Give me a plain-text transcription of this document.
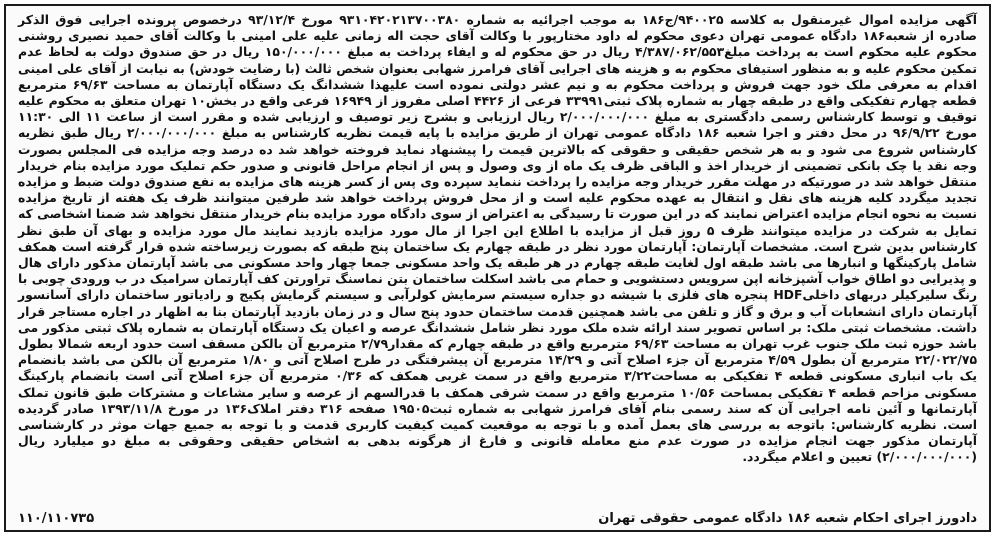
آگهی مزایده اموال غیرمنقول به کلاسه ۹۴۰۰۲۵/ج۱۸۶ به موجب اجرائیه به شماره ۹۳۱۰۴۲۰۲۱۳۷۰۰۳۸۰ مورخ ۹۳/۱۲/۴ درخصوص پرونده اجرایی فوق الذکر صادره از شعبه۱۸۶ دادگاه عمومی تهران دعوی محکوم له داود مختارپور با وکالت آقای حجت اله زمانی علیه علی امینی با وکالت آقای حمید نصیری روشنی محکوم علیه محکوم است به پرداخت مبلغ۴/۳۸۷/۰۶۲/۵۵۳ ریال در حق محکوم له و ایفاء پرداخت به مبلغ ۱۵۰/۰۰۰/۰۰۰ ریال در حق صندوق دولت به لحاظ عدم تمکین محکوم علیه و به منظور استیفای محکوم به و هزینه های اجرایی آقای فرامرز شهابی بعنوان شخص ثالث (با رضایت خودش) به نیابت از آقای علی امینی اقدام به معرفی ملک خود جهت فروش و پرداخت محکوم به و نیم عشر دولتی نموده است علیهذا ششدانگ یک دستگاه آپارتمان به مساحت ۶۹/۶۳ مترمربع قطعه چهارم تفکیکی واقع در طبقه چهار به شماره پلاک ثبتی۳۳۹۹۱ فرعی از ۴۴۲۶ اصلی مفروز از ۱۶۹۴۹ فرعی واقع در بخش۱۰ تهران متعلق به محکوم علیه توقیف و توسط کارشناس رسمی دادگستری به مبلغ ۲/۰۰۰/۰۰۰/۰۰۰ ریال ارزیابی و بشرح زیر توصیف و ارزیابی شده و مقرر است از ساعت ۱۱ الی ۱۱:۳۰ مورخ ۹۶/۹/۲۲ در محل دفتر و اجرا شعبه ۱۸۶ دادگاه عمومی تهران از طریق مزایده با پایه قیمت نظریه کارشناس به مبلغ ۲/۰۰۰/۰۰۰/۰۰۰ ریال طبق نظریه کارشناس شروع می شود و به هر شخص حقیقی و حقوقی که بالاترین قیمت را پیشنهاد نماید فروخته خواهد شد ده درصد وجه مزایده فی المجلس بصورت وجه نقد یا چک بانکی تضمینی از خریدار اخذ و الباقی ظرف یک ماه از وی وصول و پس از انجام مراحل قانونی و صدور حکم تملیک مورد مزایده بنام خریدار منتقل خواهد شد در صورتیکه در مهلت مقرر خریدار وجه مزایده را پرداخت ننماید سپرده وی پس از کسر هزینه های مزایده به نفع صندوق دولت ضبط و مزایده تجدید میگردد کلیه هزینه های نقل و انتقال به عهده محکوم علیه است و از محل فروش پرداخت خواهد شد طرفین میتوانند ظرف یک هفته از تاریخ مزایده نسبت به نحوه انجام مزایده اعتراض نمایند که در این صورت تا رسیدگی به اعتراض از سوی دادگاه مورد مزایده بنام خریدار منتقل نخواهد شد ضمنا اشخاصی که تمایل به شرکت در مزایده میتوانند ظرف ۵ روز قبل از مزایده با اطلاع این اجرا از مال مورد مزایده بازدید نمایند مال مورد مزایده و بهای آن طبق نظر کارشناس بدین شرح است. مشخصات آپارتمان: آپارتمان مورد نظر در طبقه چهارم یک ساختمان پنج طبقه که بصورت زیرساخته شده قرار گرفته است همکف شامل پارکینگها و انبارها می باشد طبقه اول لغایت طبقه چهارم در هر طبقه یک واحد مسکونی جمعا چهار واحد مسکونی می باشد آپارتمان مذکور دارای هال و پذیرایی دو اطاق خواب آشپزخانه اپن سرویس دستشویی و حمام می باشد اسکلت ساختمان بتن نماسنگ تراورتن کف آپارتمان سرامیک در ب ورودی چوبی با رنگ سلیرکیلر دربهای داخلیHDF پنجره های فلزی با شیشه دو جداره سیستم سرمایش کولرآبی و سیستم گرمایش پکیج و رادیاتور ساختمان دارای آسانسور آپارتمان دارای انشعابات آب و برق و گاز و تلفن می باشد همچنین قدمت ساختمان حدود پنج سال و در زمان بازدید آپارتمان بنا به اظهار در اجاره مستاجر قرار داشت. مشخصات ثبتی ملک: بر اساس تصویر سند ارائه شده ملک مورد نظر شامل ششدانگ عرصه و اعیان یک دستگاه آپارتمان به شماره پلاک ثبتی مذکور می باشد حوزه ثبت ملک جنوب غرب تهران به مساحت ۶۹/۶۳ مترمربع واقع در طبقه چهارم که مقدار۲/۷۹ مترمربع آن بالکن مسقف است حدود اربعه شمالا بطول ۲۲/۰۲۲/۷۵ مترمربع آن بطول ۴/۵۹ مترمربع آن جزء اصلاح آتی و ۱۴/۲۹ مترمربع آن پیشرفتگی در طرح اصلاح آتی و ۱/۸۰ مترمربع آن بالکن می باشد بانضمام یک باب انباری مسکونی قطعه ۴ تفکیکی به مساحت۳/۲۲ مترمربع واقع در سمت غربی همکف که ۰/۳۶ مترمربع آن جزء اصلاح آتی است بانضمام پارکینگ مسکونی مزاحم قطعه ۴ تفکیکی بمساحت ۱۰/۵۶ مترمربع واقع در سمت شرقی همکف با قدرالسهم از عرصه و سایر مشاعات و مشترکات طبق قانون تملک آپارتمانها و آئین نامه اجرایی آن که سند رسمی بنام آقای فرامرز شهابی به شماره ثبت۱۹۵۰۵ صفحه ۳۱۶ دفتر املاک۱۳۶ در مورخ ۱۳۹۳/۱۱/۸ صادر گردیده است. نظریه کارشناس: باتوجه به بررسی های بعمل آمده و با توجه به موقعیت کمیت کیفیت کاربری قدمت و با توجه به جمیع جهات موثر در کارشناسی آپارتمان مذکور جهت انجام مزایده در صورت عدم منع معامله قانونی و فارغ از هرگونه بدهی به اشخاص حقیقی وحقوقی به مبلغ دو میلیارد ریال (۲/۰۰۰/۰۰۰/۰۰۰) تعیین و اعلام میگردد.

دادورز اجرای احکام شعبه ۱۸۶ دادگاه عمومی حقوقی تهران
۱۱۰/۱۱۰۷۳۵
